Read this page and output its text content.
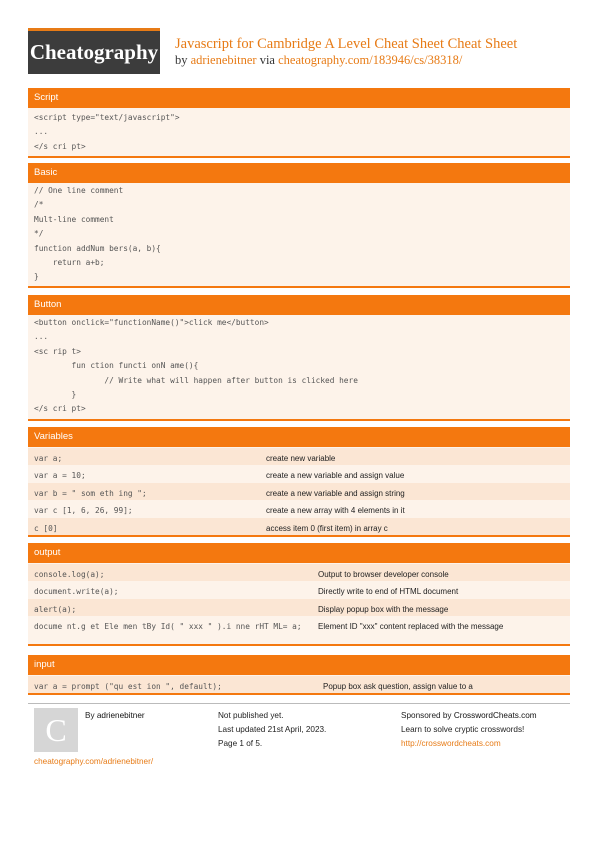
Cheatography Javascript for Cambridge A Level Cheat Sheet Cheat Sheet
by adrienebitner via cheatography.com/183946/cs/38318/
Script
<script type="text/javascript">
...
</s cri pt>
Basic
// One line comment
/*
Mult-line comment
*/
function addNum bers(a, b){
return a+b;
}
Button
<button onclick="functionName()">click me</button>
...
<sc rip t>
fun ction functi onN ame(){
// Write what will happen after button is clicked here
}
</s cri pt>
Variables
var a;	create new variable
var a = 10;	create a new variable and assign value
var b = " som eth ing ";	create a new variable and assign string
var c [1, 6, 26, 99];	create a new array with 4 elements in it
c [0]	access item 0 (first item) in array c
output
console.log(a);	Output to browser developer console
document.write(a);	Directly write to end of HTML document
alert(a);	Display popup box with the message
docume nt.g et Ele men tBy Id( " xxx " ).i nne rHT ML= a;	Element ID "xxx" content replaced with the message
input
var a = prompt ("qu est ion ", default);	Popup box ask question, assign value to a
C	By adrienebitner
cheatography.com/adrienebitner/
Not published yet.
Last updated 21st April, 2023.
Page 1 of 5.
Sponsored by CrosswordCheats.com
Learn to solve cryptic crosswords!
http://crosswordcheats.com
